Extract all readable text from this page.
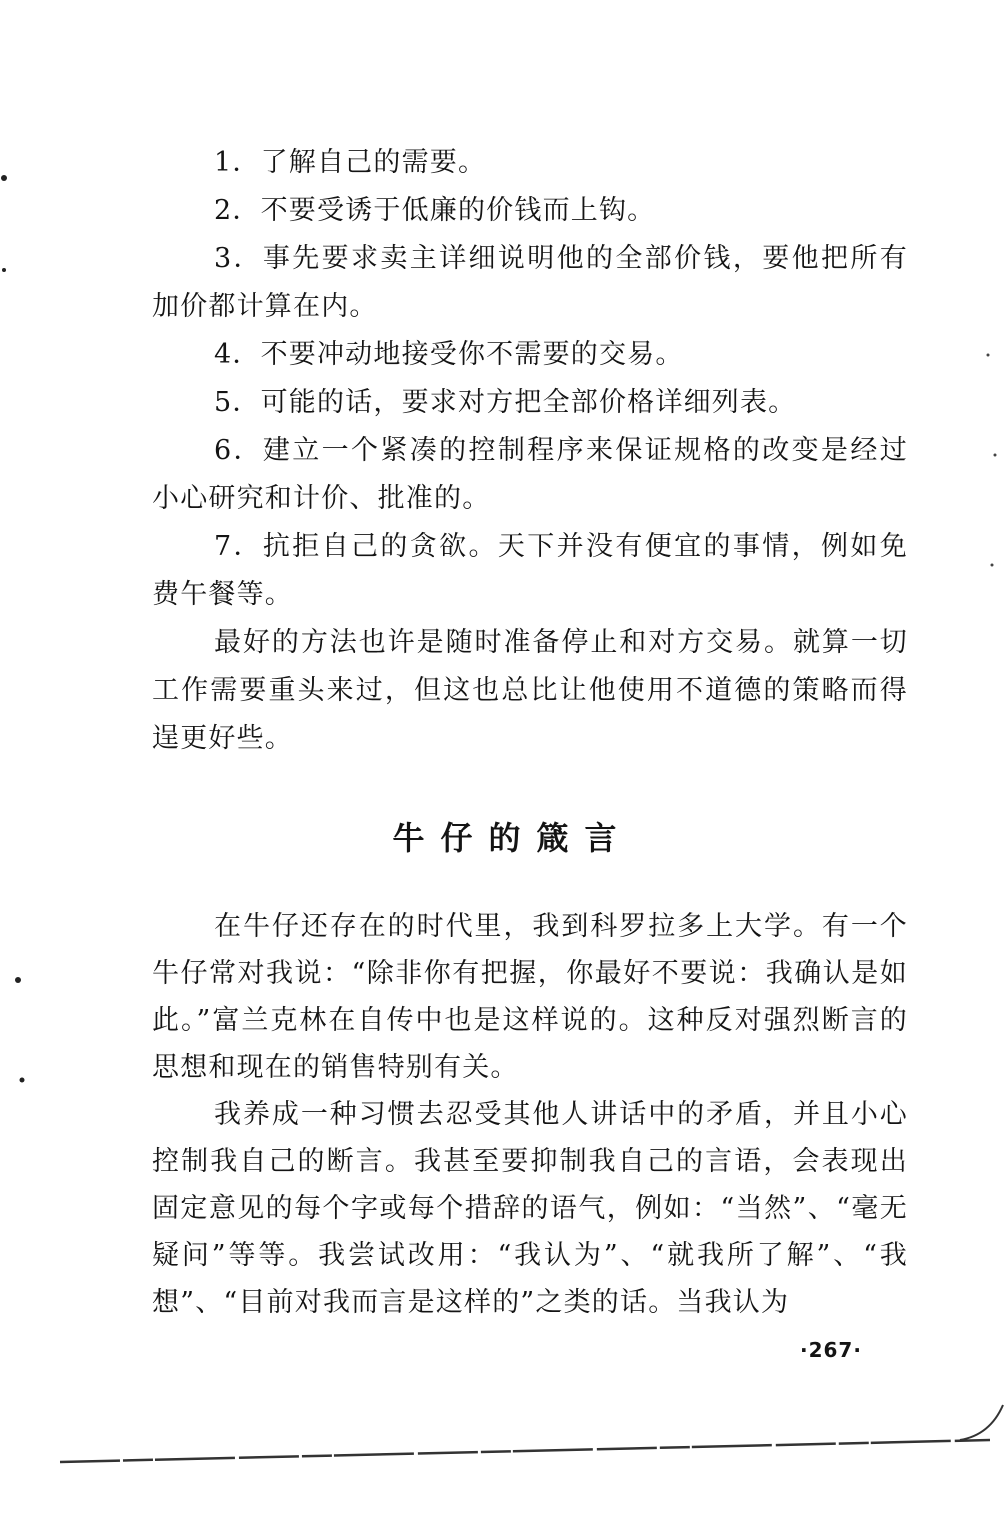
1．了解自己的需要。

2．不要受诱于低廉的价钱而上钩。

3．事先要求卖主详细说明他的全部价钱，要他把所有加价都计算在内。

4．不要冲动地接受你不需要的交易。

5．可能的话，要求对方把全部价格详细列表。

6．建立一个紧凑的控制程序来保证规格的改变是经过小心研究和计价、批准的。

7．抗拒自己的贪欲。天下并没有便宜的事情，例如免费午餐等。

最好的方法也许是随时准备停止和对方交易。就算一切工作需要重头来过，但这也总比让他使用不道德的策略而得逞更好些。

牛仔的箴言

在牛仔还存在的时代里，我到科罗拉多上大学。有一个牛仔常对我说：“除非你有把握，你最好不要说：我确认是如此。”富兰克林在自传中也是这样说的。这种反对强烈断言的思想和现在的销售特别有关。

我养成一种习惯去忍受其他人讲话中的矛盾，并且小心控制我自己的断言。我甚至要抑制我自己的言语，会表现出固定意见的每个字或每个措辞的语气，例如：“当然”、“毫无疑问”等等。我尝试改用：“我认为”、“就我所了解”、“我想”、“目前对我而言是这样的”之类的话。当我认为

·267·
